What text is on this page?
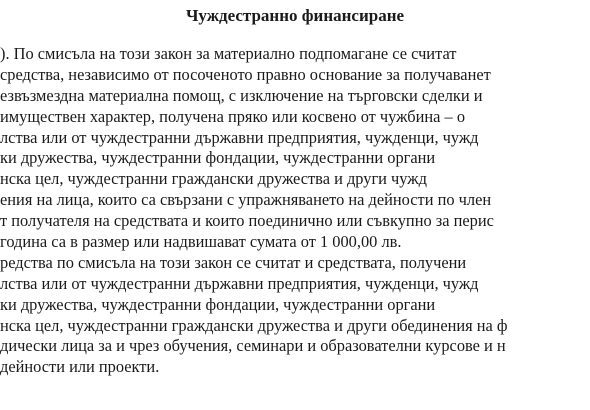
Чуждестранно финансиране
). По смисъла на този закон за материално подпомагане се считат
средства, независимо от посоченото правно основание за получаванет
езвъзмездна материална помощ, с изключение на търговски сделки и
имуществен характер, получена пряко или косвено от чужбина – о
лства или от чуждестранни държавни предприятия, чужденци, чужд
ки дружества, чуждестранни фондации, чуждестранни органи
нска цел, чуждестранни граждански дружества и други чужд
ения на лица, които са свързани с упражняването на дейности по член
т получателя на средствата и които поединично или съвкупно за перис
година са в размер или надвишават сумата от 1 000,00 лв.
редства по смисъла на този закон се считат и средствата, получени
лства или от чуждестранни държавни предприятия, чужденци, чужд
ки дружества, чуждестранни фондации, чуждестранни органи
нска цел, чуждестранни граждански дружества и други обединения на ф
дически лица за и чрез обучения, семинари и образователни курсове и н
дейности или проекти.
